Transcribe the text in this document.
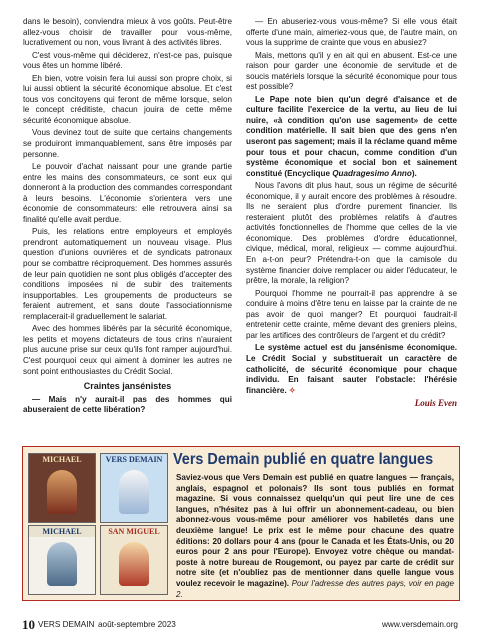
dans le besoin), conviendra mieux à vos goûts. Peut-être allez-vous choisir de travailler pour vous-même, lucrativement ou non, vous livrant à des activités libres.

C'est vous-même qui déciderez, n'est-ce pas, puisque vous êtes un homme libéré.

Eh bien, votre voisin fera lui aussi son propre choix, si lui aussi obtient la sécurité économique absolue. Et c'est tous vos concitoyens qui feront de même lorsque, selon le concept créditiste, chacun jouira de cette même sécurité économique absolue.

Vous devinez tout de suite que certains changements se produiront immanquablement, sans être imposés par personne.

Le pouvoir d'achat naissant pour une grande partie entre les mains des consommateurs, ce sont eux qui donneront à la production des commandes correspondant à leurs besoins. L'économie s'orientera vers une économie de consommateurs: elle retrouvera ainsi sa finalité qu'elle avait perdue.

Puis, les relations entre employeurs et employés prendront automatiquement un nouveau visage. Plus question d'unions ouvrières et de syndicats patronaux pour se combattre réciproquement. Des hommes assurés de leur pain quotidien ne sont plus obligés d'accepter des conditions imposées ni de subir des traitements insupportables. Les groupements de producteurs se feraient autrement, et sans doute l'associationnisme remplacerait-il graduellement le salariat.

Avec des hommes libérés par la sécurité économique, les petits et moyens dictateurs de tous crins n'auraient plus aucune prise sur ceux qu'ils font ramper aujourd'hui. C'est pourquoi ceux qui aiment à dominer les autres ne sont point enthousiastes du Crédit Social.

Craintes jansénistes

— Mais n'y aurait-il pas des hommes qui abuseraient de cette libération?

— En abuseriez-vous vous-même? Si elle vous était offerte d'une main, aimeriez-vous que, de l'autre main, on vous la supprime de crainte que vous en abusiez?

Mais, mettons qu'il y en ait qui en abusent. Est-ce une raison pour garder une économie de servitude et de soucis matériels lorsque la sécurité économique pour tous est possible?

Le Pape note bien qu'un degré d'aisance et de culture facilite l'exercice de la vertu, au lieu de lui nuire, «à condition qu'on use sagement» de cette condition matérielle. Il sait bien que des gens n'en useront pas sagement; mais il la réclame quand même pour tous et pour chacun, comme condition d'un système économique et social bon et sainement constitué (Encyclique Quadragesimo Anno).

Nous l'avons dit plus haut, sous un régime de sécurité économique, il y aurait encore des problèmes à résoudre. Ils ne seraient plus d'ordre purement financier. Ils resteraient plutôt des problèmes relatifs à d'autres activités fonctionnelles de l'homme que celles de la vie économique. Des problèmes d'ordre éducationnel, civique, médical, moral, religieux — comme aujourd'hui. En a-t-on peur? Prétendra-t-on que la camisole du système financier doive remplacer ou aider l'éducateur, le prêtre, la morale, la religion?

Pourquoi l'homme ne pourrait-il pas apprendre à se conduire à moins d'être tenu en laisse par la crainte de ne pas avoir de quoi manger? Et pourquoi faudrait-il entretenir cette crainte, même devant des greniers pleins, par les artifices des contrôleurs de l'argent et du crédit?

Le système actuel est du jansénisme économique. Le Crédit Social y substituerait un caractère de catholicité, de sécurité économique pour chaque individu. En faisant sauter l'obstacle: l'hérésie financière. ✧

Louis Even
MICHAEL	VERS DEMAIN
MICHAEL	SAN MIGUEL
Vers Demain publié en quatre langues
Saviez-vous que Vers Demain est publié en quatre langues — français, anglais, espagnol et polonais? Ils sont tous publiés en format magazine. Si vous connaissez quelqu'un qui peut lire une de ces langues, n'hésitez pas à lui offrir un abonnement-cadeau, ou bien abonnez-vous vous-même pour améliorer vos habiletés dans une deuxième langue! Le prix est le même pour chacune des quatre éditions: 20 dollars pour 4 ans (pour le Canada et les États-Unis, ou 20 euros pour 2 ans pour l'Europe). Envoyez votre chèque ou mandat-poste à notre bureau de Rougemont, ou payez par carte de crédit sur notre site (et n'oubliez pas de mentionner dans quelle langue vous voulez recevoir le magazine). Pour l'adresse des autres pays, voir en page 2.
10 VERS DEMAIN août-septembre 2023	www.versdemain.org
